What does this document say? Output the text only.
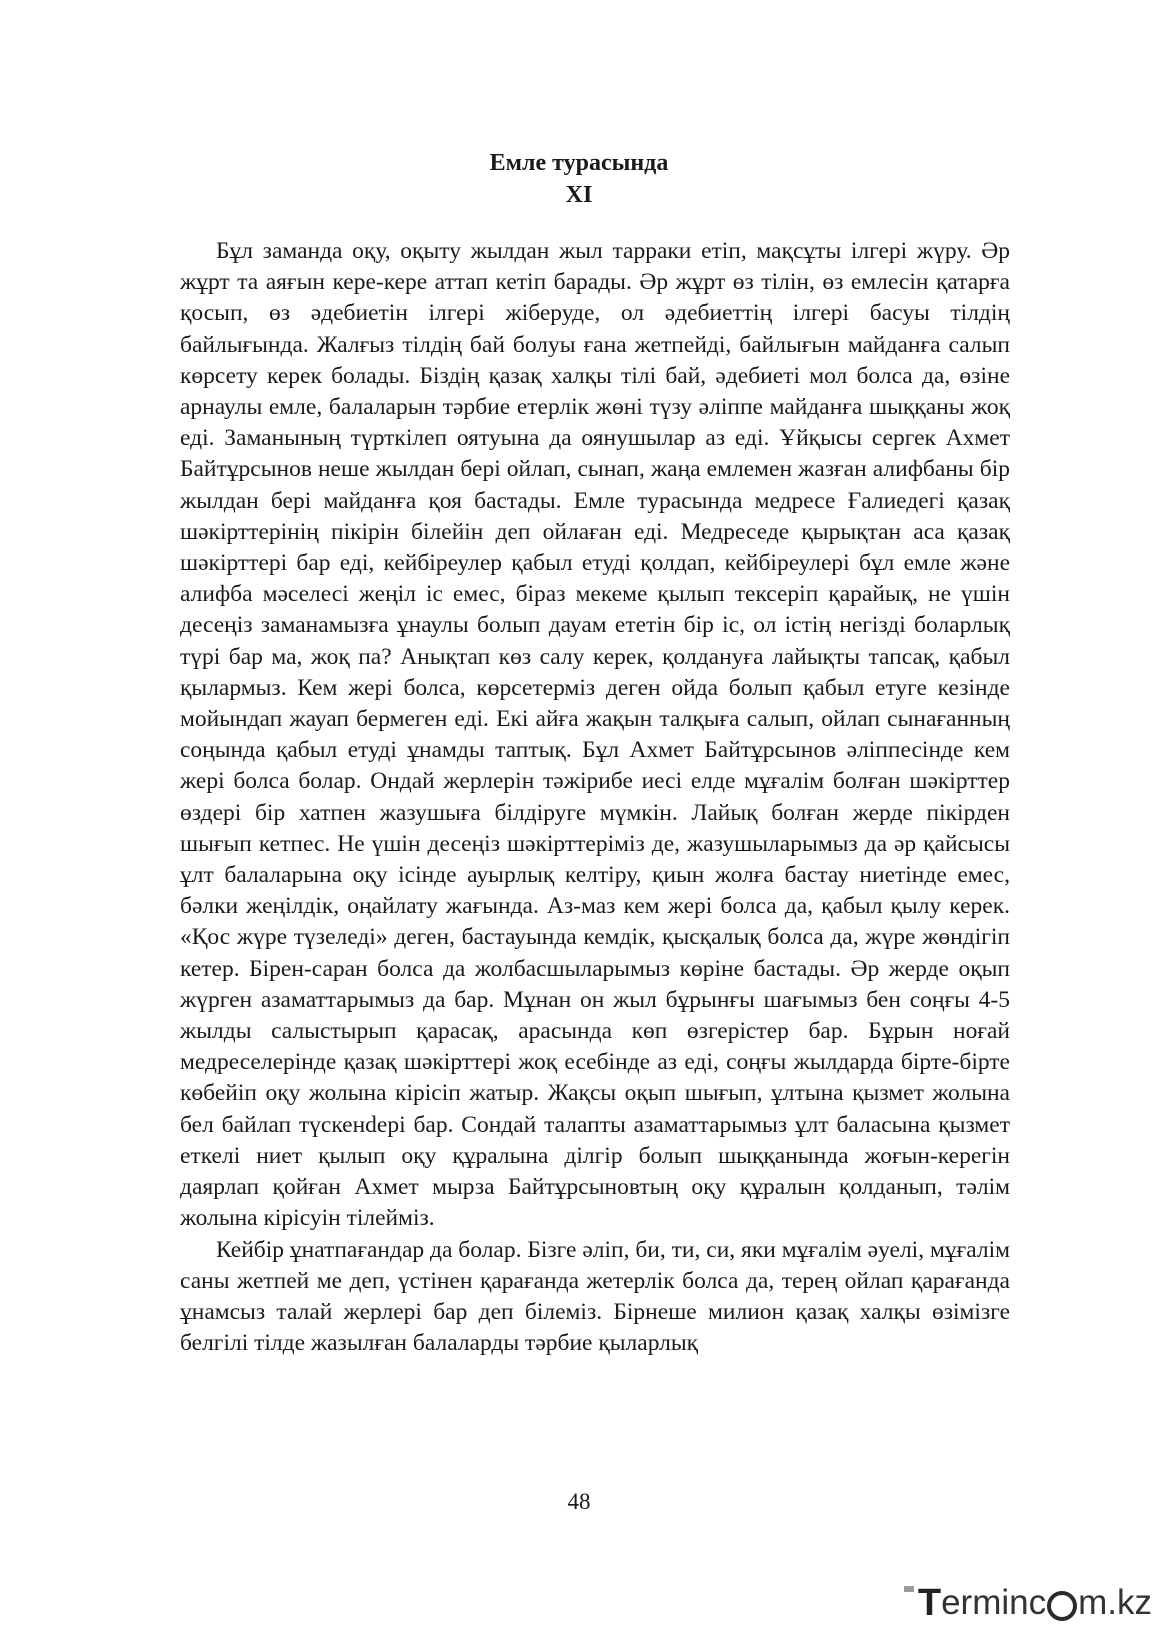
Емле турасында
XI

Бұл заманда оқу, оқыту жылдан жыл тарраки етіп, мақсұты ілгері жүру. Әр жұрт та аяғын кере-кере аттап кетіп барады. Әр жұрт өз тілін, өз емлесін қатарға қосып, өз әдебиетін ілгері жіберуде, ол әдебиеттің ілгері басуы тілдің байлығында. Жалғыз тілдің бай болуы ғана жетпейді, байлығын майданға салып көрсету керек болады. Біздің қазақ халқы тілі бай, әдебиеті мол болса да, өзіне арнаулы емле, балаларын тәрбие етерлік жөні түзу әліппе майданға шыққаны жоқ еді. Заманының түрткілеп оятуына да оянушылар аз еді. Ұйқысы сергек Ахмет Байтұрсынов неше жылдан бері ойлап, сынап, жаңа емлемен жазған алифбаны бір жылдан бері майданға қоя бастады. Емле турасында медресе Ғалиедегі қазақ шәкірттерінің пікірін білейін деп ойлаған еді. Медреседе қырықтан аса қазақ шәкірттері бар еді, кейбіреулер қабыл етуді қолдап, кейбіреулері бұл емле және алифба мәселесі жеңіл іс емес, біраз мекеме қылып тексеріп қарайық, не үшін десеңіз заманамызға ұнаулы болып дауам ететін бір іс, ол істің негізді боларлық түрі бар ма, жоқ па? Анықтап көз салу керек, қолдануға лайықты тапсақ, қабыл қылармыз. Кем жері болса, көрсетерміз деген ойда болып қабыл етуге кезінде мойындап жауап бермеген еді. Екі айға жақын талқыға салып, ойлап сынағанның соңында қабыл етуді ұнамды таптық. Бұл Ахмет Байтұрсынов әліппесінде кем жері болса болар. Ондай жерлерін тәжірибе иесі елде мұғалім болған шәкірттер өздері бір хатпен жазушыға білдіруге мүмкін. Лайық болған жерде пікірден шығып кетпес. Не үшін десеңіз шәкірттеріміз де, жазушыларымыз да әр қайсысы ұлт балаларына оқу ісінде ауырлық келтіру, қиын жолға бастау ниетінде емес, бәлки жеңілдік, оңайлату жағында. Аз-маз кем жері болса да, қабыл қылу керек. «Қос жүре түзеледі» деген, бастауында кемдік, қысқалық болса да, жүре жөндігіп кетер. Бірен-саран болса да жолбасшыларымыз көріне бастады. Әр жерде оқып жүрген азаматтарымыз да бар. Мұнан он жыл бұрынғы шағымыз бен соңғы 4-5 жылды салыстырып қарасақ, арасында көп өзгерістер бар. Бұрын ноғай медреселерінде қазақ шәкірттері жоқ есебінде аз еді, соңғы жылдарда бірте-бірте көбейіп оқу жолына кірісіп жатыр. Жақсы оқып шығып, ұлтына қызмет жолына бел байлап түскенdері бар. Сондай талапты азаматтарымыз ұлт баласына қызмет еткелі ниет қылып оқу құралына ділгір болып шыққанында жоғын-керегін даярлап қойған Ахмет мырза Байтұрсыновтың оқу құралын қолданып, тәлім жолына кірісуін тілейміз.

Кейбір ұнатпағандар да болар. Бізге әліп, би, ти, си, яки мұғалім әуелі, мұғалім саны жетпей ме деп, үстінен қарағанда жетерлік болса да, терең ойлап қарағанда ұнамсыз талай жерлері бар деп білеміз. Бірнеше милион қазақ халқы өзімізге белгілі тілде жазылған балаларды тәрбие қыларлық

48
T erminc m.kz
